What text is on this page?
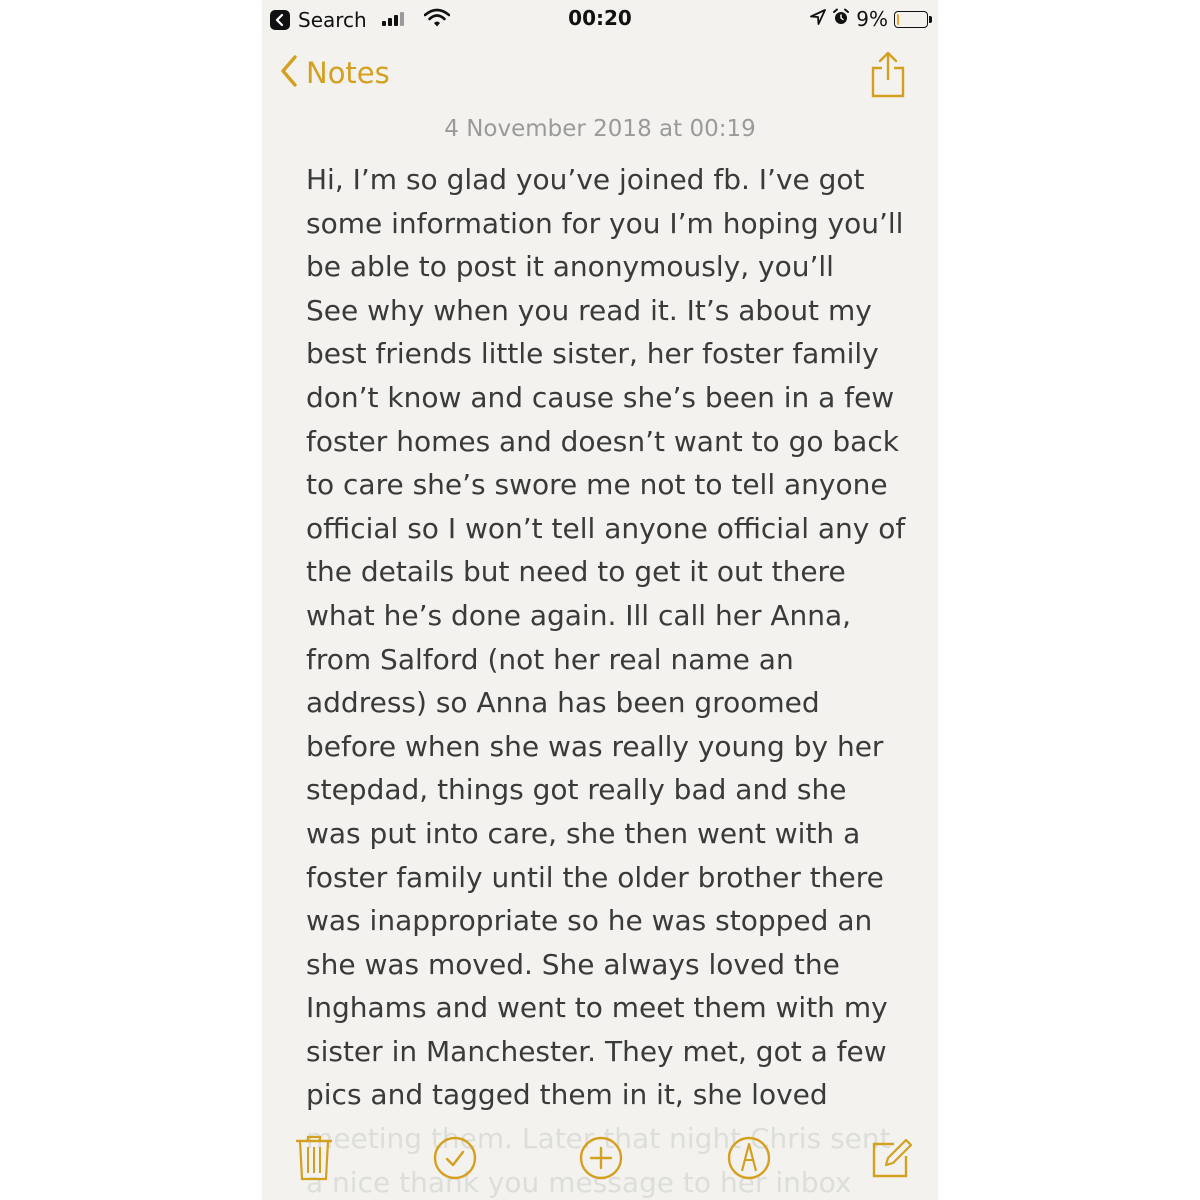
Search	00:20	9%
Notes
4 November 2018 at 00:19
Hi, I’m so glad you’ve joined fb. I’ve got
some information for you I’m hoping you’ll
be able to post it anonymously, you’ll
See why when you read it. It’s about my
best friends little sister, her foster family
don’t know and cause she’s been in a few
foster homes and doesn’t want to go back
to care she’s swore me not to tell anyone
official so I won’t tell anyone official any of
the details but need to get it out there
what he’s done again. Ill call her Anna,
from Salford (not her real name an
address) so Anna has been groomed
before when she was really young by her
stepdad, things got really bad and she
was put into care, she then went with a
foster family until the older brother there
was inappropriate so he was stopped an
she was moved. She always loved the
Inghams and went to meet them with my
sister in Manchester. They met, got a few
pics and tagged them in it, she loved
